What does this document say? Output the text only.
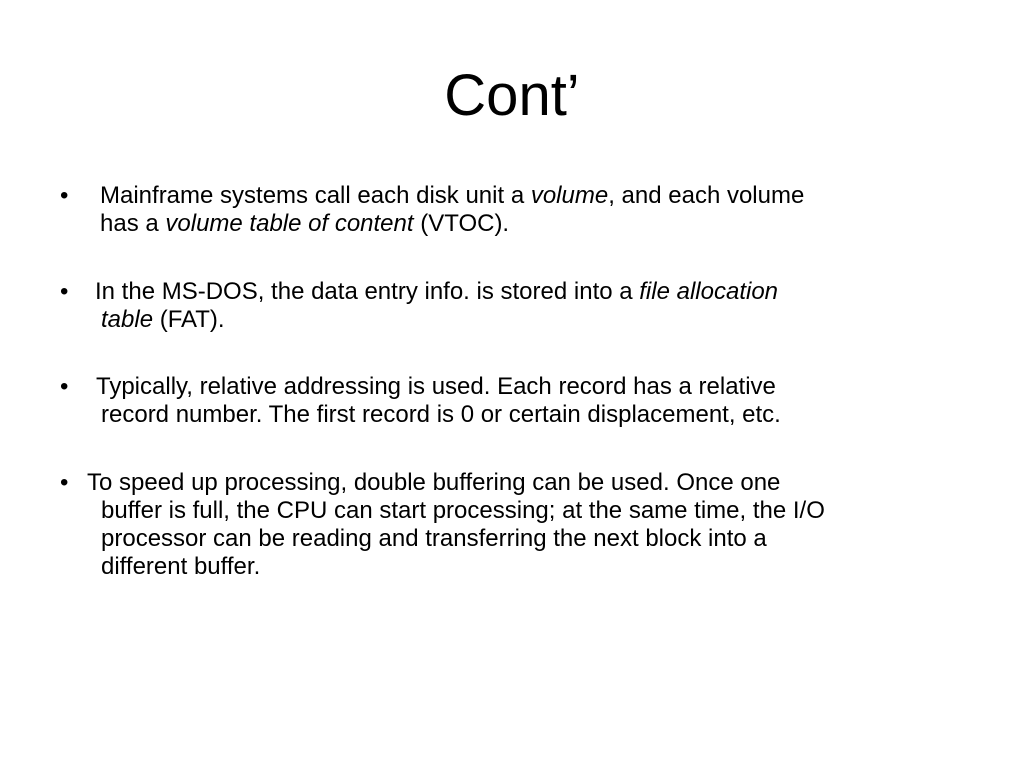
Cont’
• Mainframe systems call each disk unit a volume, and each volume
has a volume table of content (VTOC).
• In the MS-DOS, the data entry info. is stored into a file allocation
table (FAT).
• Typically, relative addressing is used. Each record has a relative
record number. The first record is 0 or certain displacement, etc.
• To speed up processing, double buffering can be used. Once one
buffer is full, the CPU can start processing; at the same time, the I/O
processor can be reading and transferring the next block into a
different buffer.
